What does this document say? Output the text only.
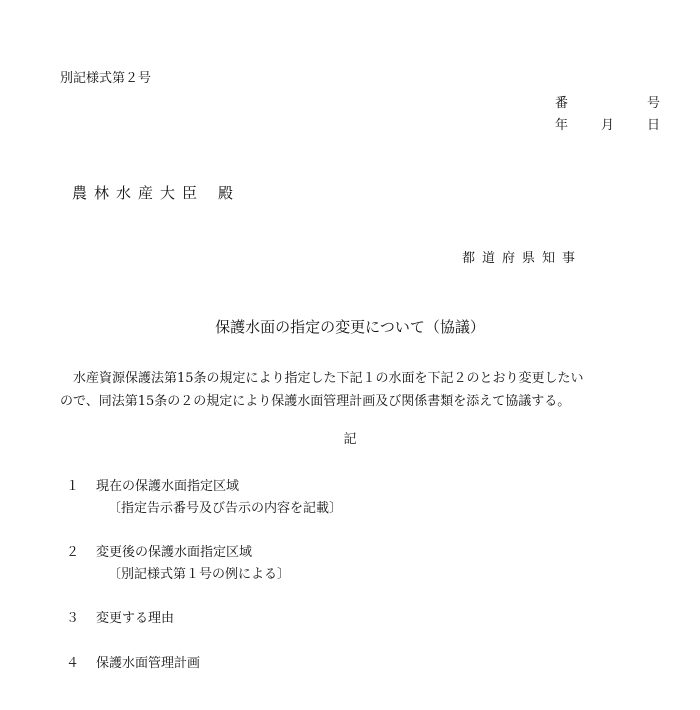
別記様式第２号
番	号
年	月	日
農林水産大臣 殿
都道府県知事
保護水面の指定の変更について（協議）
水産資源保護法第15条の規定により指定した下記１の水面を下記２のとおり変更したい
ので、同法第15条の２の規定により保護水面管理計画及び関係書類を添えて協議する。
記
１ 現在の保護水面指定区域
〔指定告示番号及び告示の内容を記載〕
２ 変更後の保護水面指定区域
〔別記様式第１号の例による〕
３ 変更する理由
４ 保護水面管理計画
